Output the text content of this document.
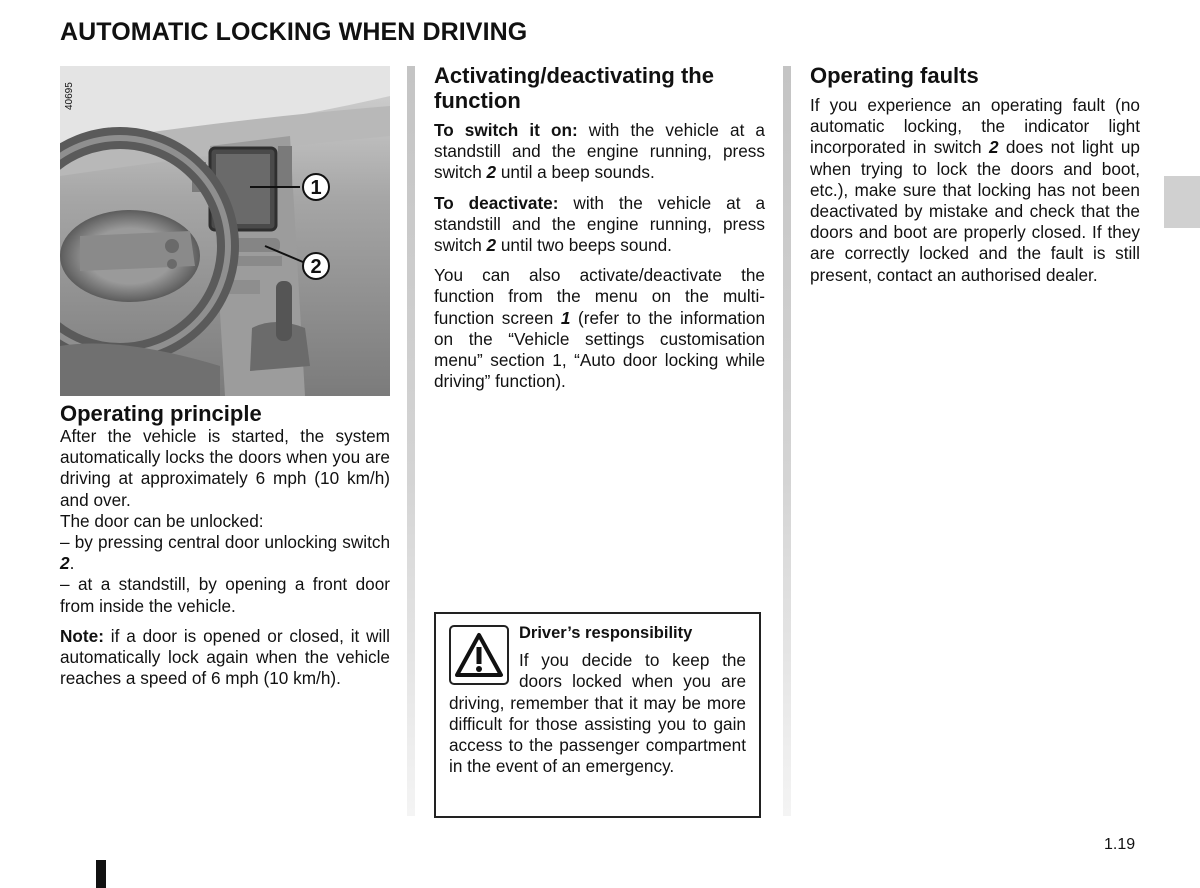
AUTOMATIC LOCKING WHEN DRIVING
1
2
40695
Operating principle

After the vehicle is started, the system automatically locks the doors when you are driving at approximately 6 mph (10 km/h) and over.

The door can be unlocked:

– by pressing central door unlocking switch 2.

– at a standstill, by opening a front door from inside the vehicle.

Note: if a door is opened or closed, it will automatically lock again when the vehicle reaches a speed of 6 mph (10 km/h).

Activating/deactivating the function

To switch it on: with the vehicle at a standstill and the engine running, press switch 2 until a beep sounds.

To deactivate: with the vehicle at a standstill and the engine running, press switch 2 until two beeps sound.

You can also activate/deactivate the function from the menu on the multi-function screen 1 (refer to the information on the “Vehicle settings customisation menu” section 1, “Auto door locking while driving” function).

Driver’s responsibility
If you decide to keep the doors locked when you are driving, remember that it may be more difficult for those assisting you to gain access to the passenger compartment in the event of an emergency.
Operating faults

If you experience an operating fault (no automatic locking, the indicator light incorporated in switch 2 does not light up when trying to lock the doors and boot, etc.), make sure that locking has not been deactivated by mistake and check that the doors and boot are properly closed. If they are correctly locked and the fault is still present, contact an authorised dealer.

1.19
